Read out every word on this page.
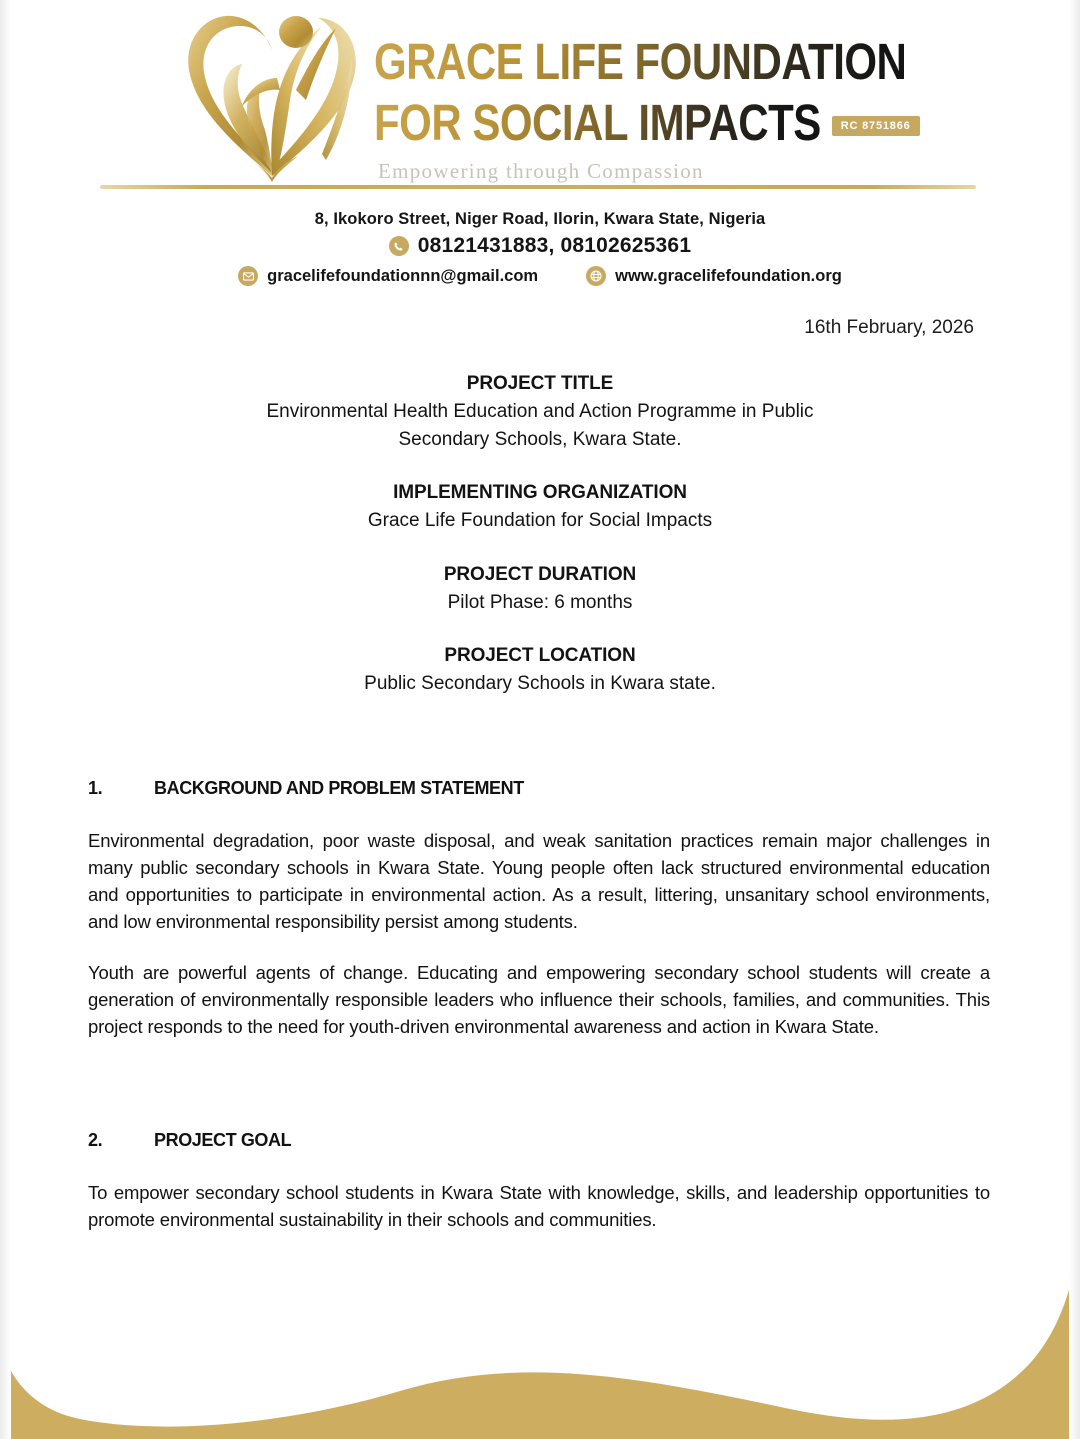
GRACE LIFE FOUNDATION
FOR SOCIAL IMPACTS	RC 8751866
Empowering through Compassion
8, Ikokoro Street, Niger Road, Ilorin, Kwara State, Nigeria
08121431883, 08102625361
gracelifefoundationnn@gmail.com	www.gracelifefoundation.org
16th February, 2026
PROJECT TITLE
Environmental Health Education and Action Programme in Public Secondary Schools, Kwara State.
IMPLEMENTING ORGANIZATION
Grace Life Foundation for Social Impacts
PROJECT DURATION
Pilot Phase: 6 months
PROJECT LOCATION
Public Secondary Schools in Kwara state.
1.	BACKGROUND AND PROBLEM STATEMENT

Environmental degradation, poor waste disposal, and weak sanitation practices remain major challenges in many public secondary schools in Kwara State. Young people often lack structured environmental education and opportunities to participate in environmental action. As a result, littering, unsanitary school environments, and low environmental responsibility persist among students.

Youth are powerful agents of change. Educating and empowering secondary school students will create a generation of environmentally responsible leaders who influence their schools, families, and communities. This project responds to the need for youth-driven environmental awareness and action in Kwara State.

2.	PROJECT GOAL

To empower secondary school students in Kwara State with knowledge, skills, and leadership opportunities to promote environmental sustainability in their schools and communities.
